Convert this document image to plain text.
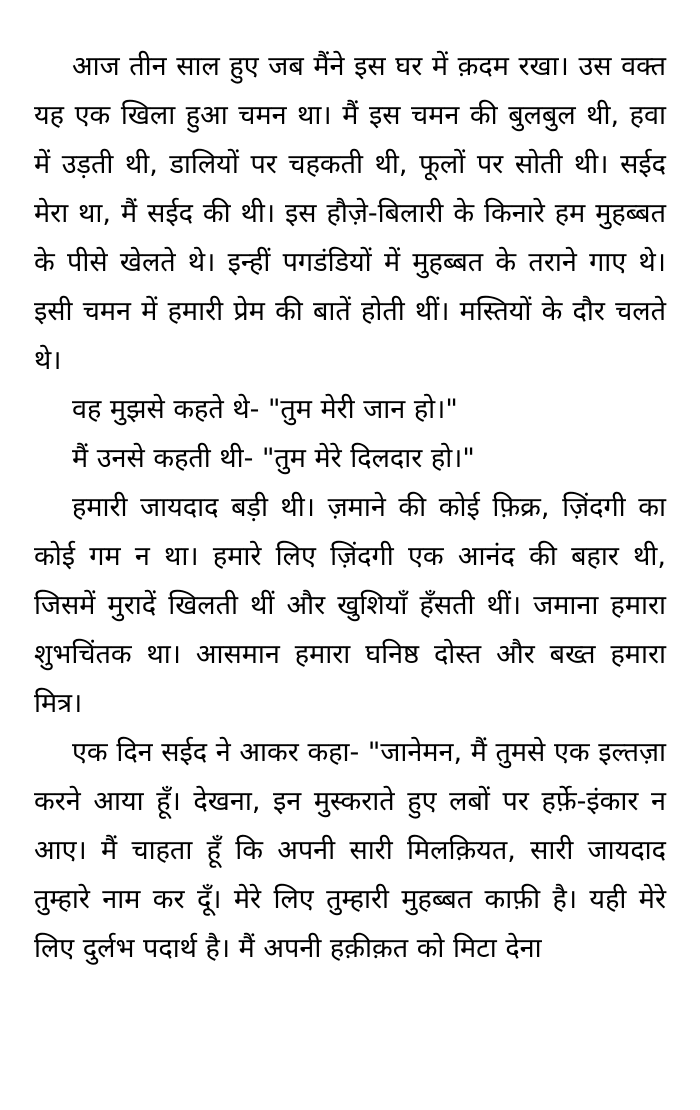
आज तीन साल हुए जब मैंने इस घर में क़दम रखा। उस वक्त यह एक खिला हुआ चमन था। मैं इस चमन की बुलबुल थी, हवा में उड़ती थी, डालियों पर चहकती थी, फूलों पर सोती थी। सईद मेरा था, मैं सईद की थी। इस हौज़े-बिलारी के किनारे हम मुहब्बत के पीसे खेलते थे। इन्हीं पगडंडियों में मुहब्बत के तराने गाए थे। इसी चमन में हमारी प्रेम की बातें होती थीं। मस्तियों के दौर चलते थे।

वह मुझसे कहते थे- "तुम मेरी जान हो।"

मैं उनसे कहती थी- "तुम मेरे दिलदार हो।"

हमारी जायदाद बड़ी थी। ज़माने की कोई फ़िक्र, ज़िंदगी का कोई गम न था। हमारे लिए ज़िंदगी एक आनंद की बहार थी, जिसमें मुरादें खिलती थीं और खुशियाँ हँसती थीं। जमाना हमारा शुभचिंतक था। आसमान हमारा घनिष्ठ दोस्त और बख्त हमारा मित्र।

एक दिन सईद ने आकर कहा- "जानेमन, मैं तुमसे एक इल्तज़ा करने आया हूँ। देखना, इन मुस्कराते हुए लबों पर हर्फ़े-इंकार न आए। मैं चाहता हूँ कि अपनी सारी मिलक़ियत, सारी जायदाद तुम्हारे नाम कर दूँ। मेरे लिए तुम्हारी मुहब्बत काफ़ी है। यही मेरे लिए दुर्लभ पदार्थ है। मैं अपनी हक़ीक़त को मिटा देना
